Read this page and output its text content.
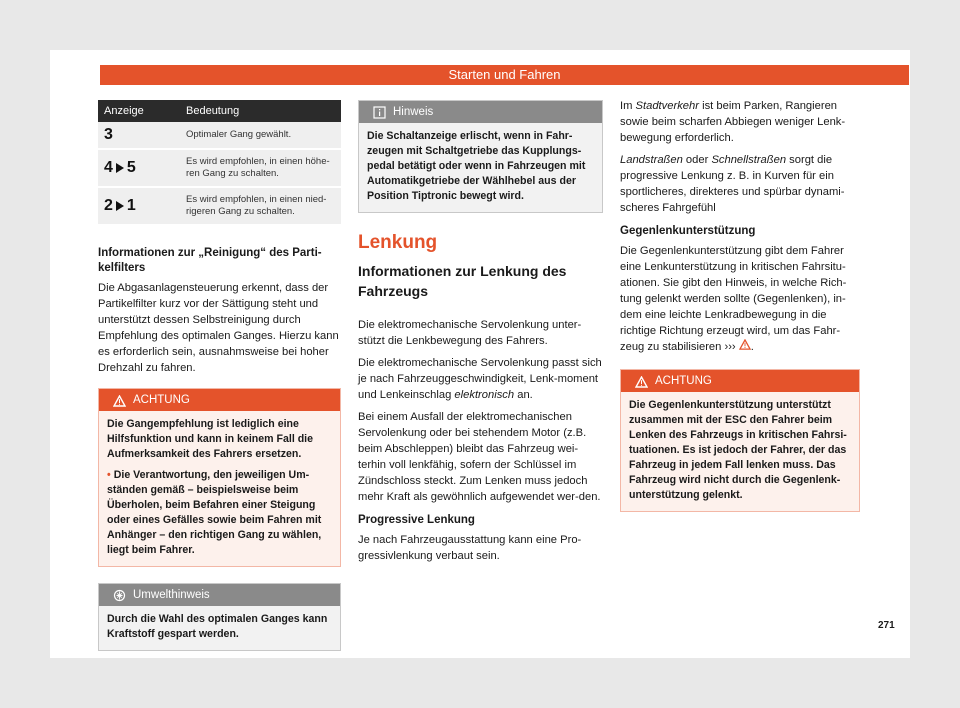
Starten und Fahren
Anzeige	Bedeutung
3	Optimaler Gang gewählt.
4 5	Es wird empfohlen, in einen höhe-ren Gang zu schalten.
2 1	Es wird empfohlen, in einen nied-rigeren Gang zu schalten.
Informationen zur „Reinigung“ des Parti-kelfilters

Die Abgasanlagensteuerung erkennt, dass der Partikelfilter kurz vor der Sättigung steht und unterstützt dessen Selbstreinigung durch Empfehlung des optimalen Ganges. Hierzu kann es erforderlich sein, ausnahmsweise bei hoher Drehzahl zu fahren.

ACHTUNG

Die Gangempfehlung ist lediglich eine Hilfsfunktion und kann in keinem Fall die Aufmerksamkeit des Fahrers ersetzen.

• Die Verantwortung, den jeweiligen Um-ständen gemäß – beispielsweise beim Überholen, beim Befahren einer Steigung oder eines Gefälles sowie beim Fahren mit Anhänger – den richtigen Gang zu wählen, liegt beim Fahrer.

Umwelthinweis
Durch die Wahl des optimalen Ganges kann Kraftstoff gespart werden.
Hinweis
Die Schaltanzeige erlischt, wenn in Fahr-zeugen mit Schaltgetriebe das Kupplungs-pedal betätigt oder wenn in Fahrzeugen mit Automatikgetriebe der Wählhebel aus der Position Tiptronic bewegt wird.
Lenkung
Informationen zur Lenkung des Fahrzeugs

Die elektromechanische Servolenkung unter-stützt die Lenkbewegung des Fahrers.

Die elektromechanische Servolenkung passt sich je nach Fahrzeuggeschwindigkeit, Lenk-moment und Lenkeinschlag elektronisch an.

Bei einem Ausfall der elektromechanischen Servolenkung oder bei stehendem Motor (z.B. beim Abschleppen) bleibt das Fahrzeug wei-terhin voll lenkfähig, sofern der Schlüssel im Zündschloss steckt. Zum Lenken muss jedoch mehr Kraft als gewöhnlich aufgewendet wer-den.

Progressive Lenkung

Je nach Fahrzeugausstattung kann eine Pro-gressivlenkung verbaut sein.

Im Stadtverkehr ist beim Parken, Rangieren sowie beim scharfen Abbiegen weniger Lenk-bewegung erforderlich.

Landstraßen oder Schnellstraßen sorgt die progressive Lenkung z. B. in Kurven für ein sportlicheres, direkteres und spürbar dynami-scheres Fahrgefühl

Gegenlenkunterstützung

Die Gegenlenkunterstützung gibt dem Fahrer eine Lenkunterstützung in kritischen Fahrsitu-ationen. Sie gibt den Hinweis, in welche Rich-tung gelenkt werden sollte (Gegenlenken), in-dem eine leichte Lenkradbewegung in die richtige Richtung erzeugt wird, um das Fahr-zeug zu stabilisieren ››› .

ACHTUNG
Die Gegenlenkunterstützung unterstützt zusammen mit der ESC den Fahrer beim Lenken des Fahrzeugs in kritischen Fahrsi-tuationen. Es ist jedoch der Fahrer, der das Fahrzeug in jedem Fall lenken muss. Das Fahrzeug wird nicht durch die Gegenlenk-unterstützung gelenkt.
271
